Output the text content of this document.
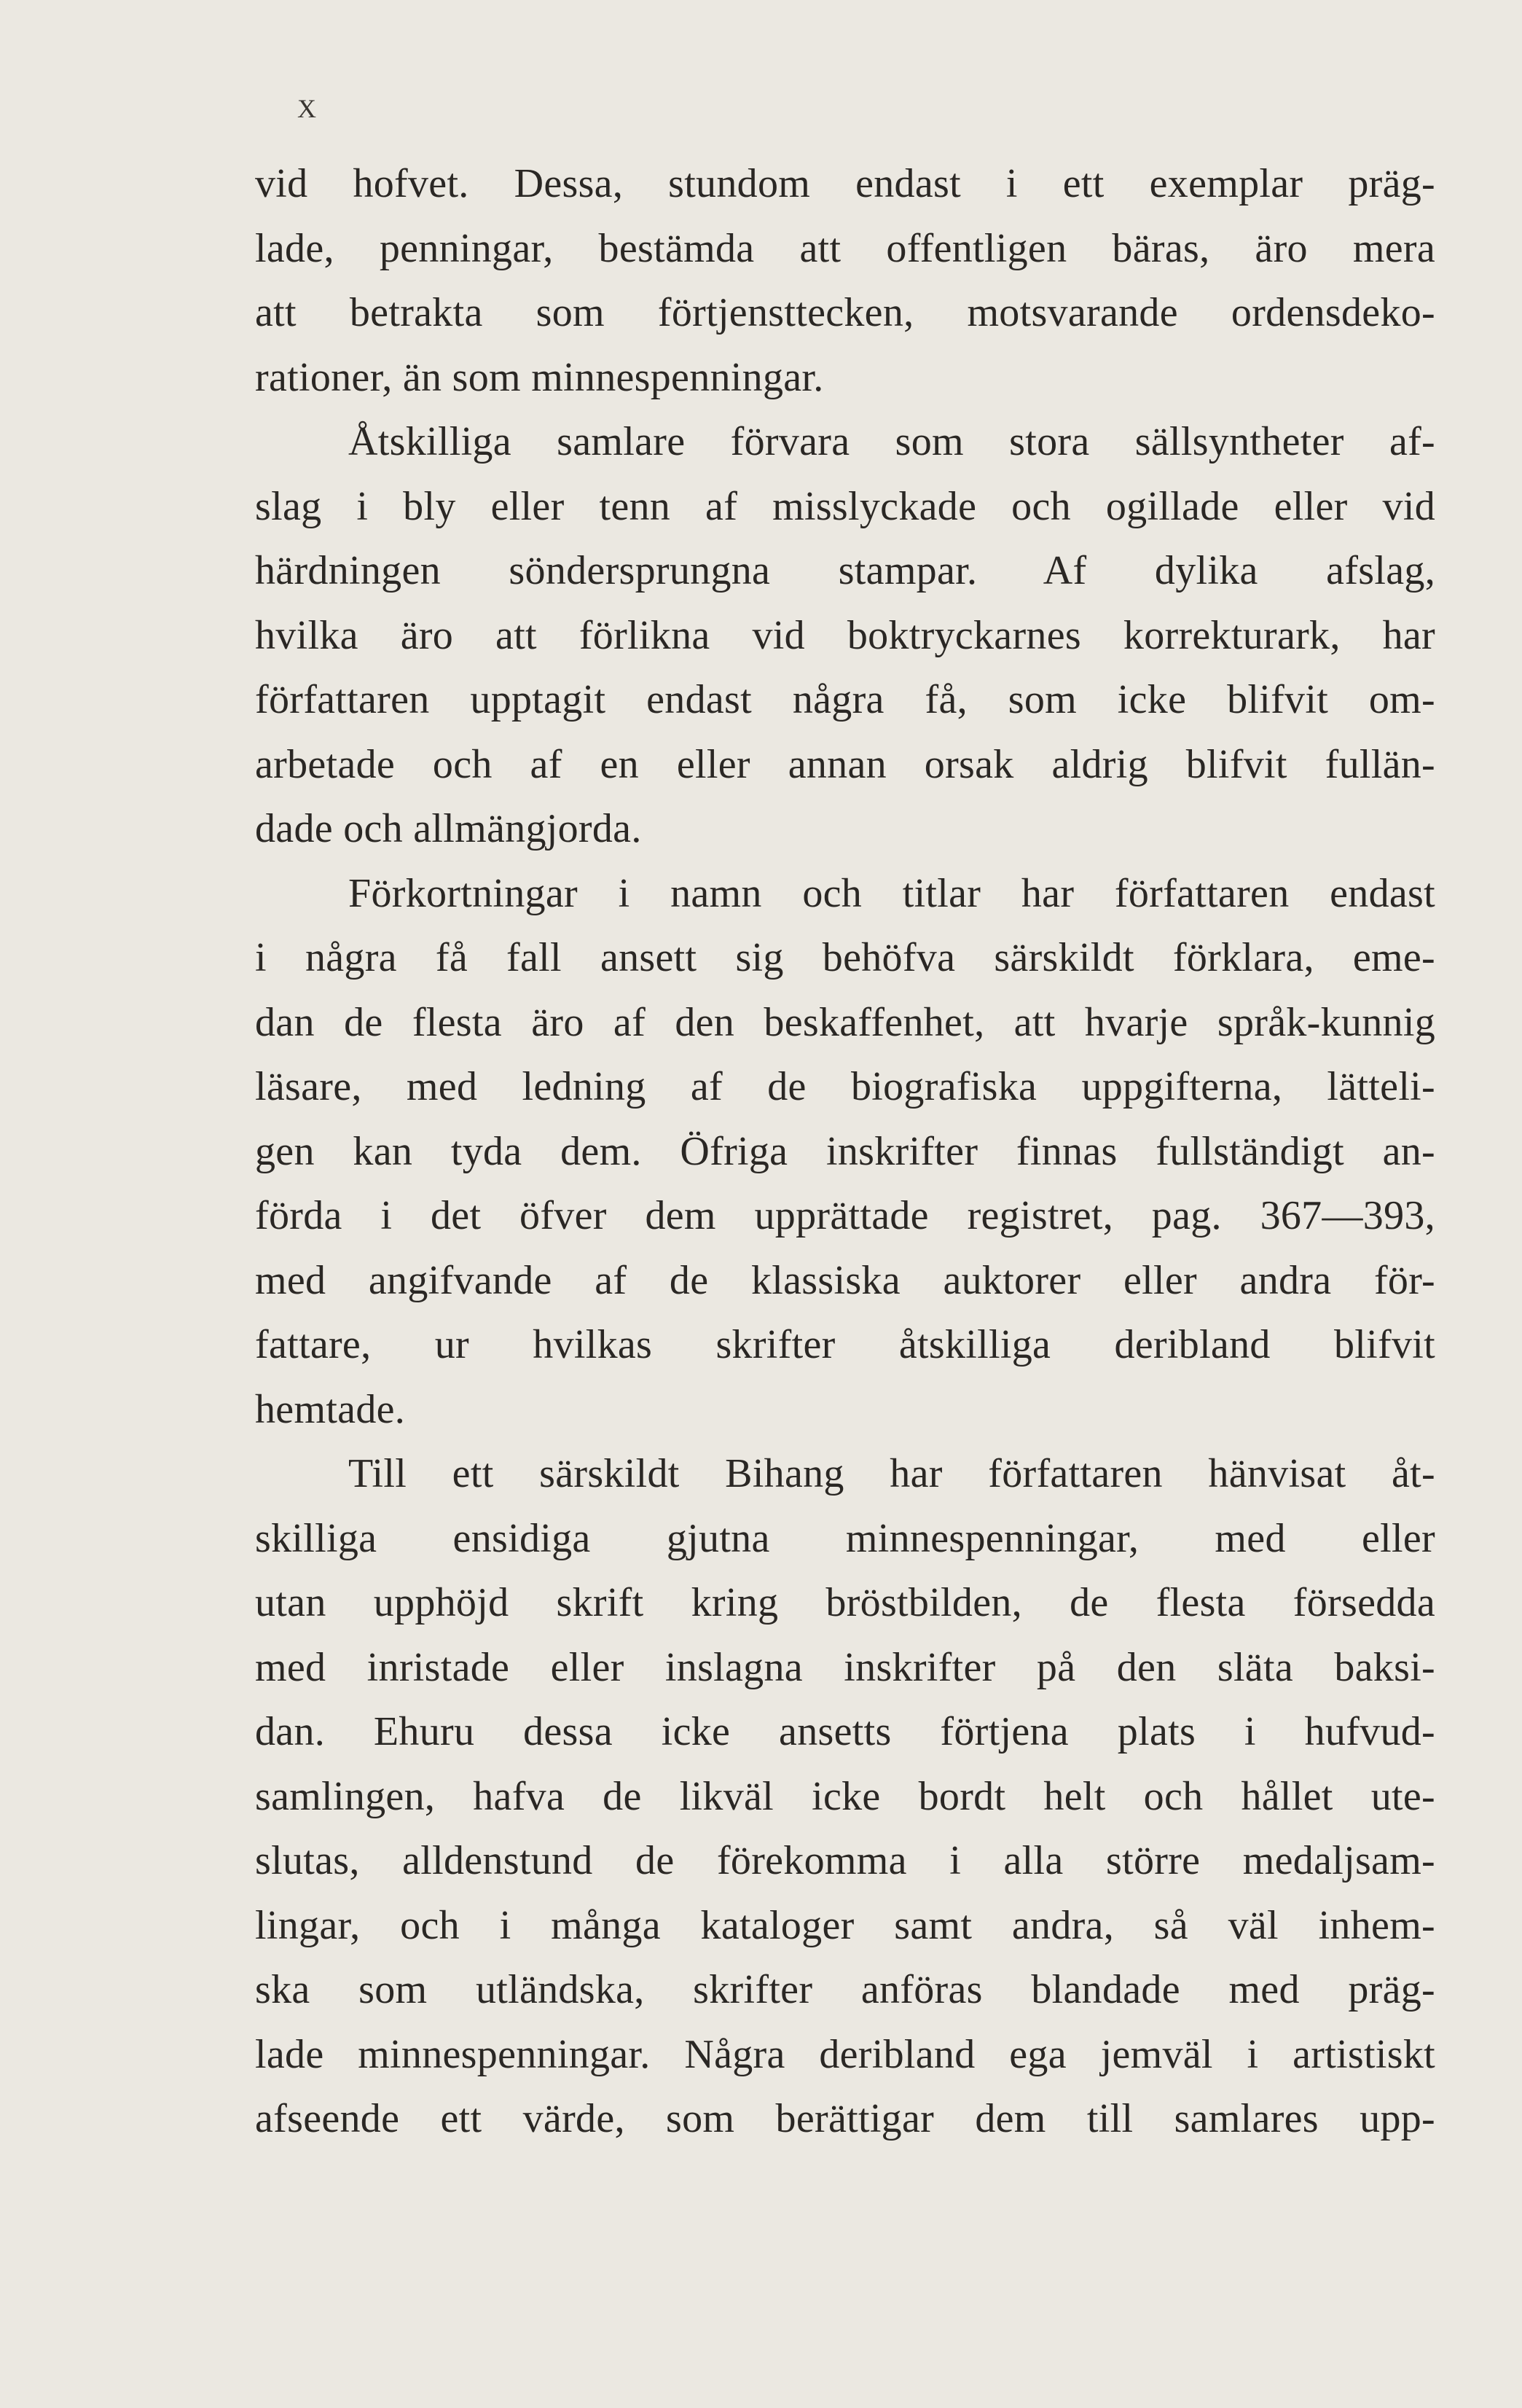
X
vid hofvet. Dessa, stundom endast i ett exemplar präg-
lade, penningar, bestämda att offentligen bäras, äro mera
att betrakta som förtjensttecken, motsvarande ordensdeko-
rationer, än som minnespenningar.
Åtskilliga samlare förvara som stora sällsyntheter af-
slag i bly eller tenn af misslyckade och ogillade eller vid
härdningen söndersprungna stampar. Af dylika afslag,
hvilka äro att förlikna vid boktryckarnes korrekturark, har
författaren upptagit endast några få, som icke blifvit om-
arbetade och af en eller annan orsak aldrig blifvit fullän-
dade och allmängjorda.
Förkortningar i namn och titlar har författaren endast
i några få fall ansett sig behöfva särskildt förklara, eme-
dan de flesta äro af den beskaffenhet, att hvarje språk-kunnig
läsare, med ledning af de biografiska uppgifterna, lätteli-
gen kan tyda dem. Öfriga inskrifter finnas fullständigt an-
förda i det öfver dem upprättade registret, pag. 367—393,
med angifvande af de klassiska auktorer eller andra för-
fattare, ur hvilkas skrifter åtskilliga deribland blifvit
hemtade.
Till ett särskildt Bihang har författaren hänvisat åt-
skilliga ensidiga gjutna minnespenningar, med eller
utan upphöjd skrift kring bröstbilden, de flesta försedda
med inristade eller inslagna inskrifter på den släta baksi-
dan. Ehuru dessa icke ansetts förtjena plats i hufvud-
samlingen, hafva de likväl icke bordt helt och hållet ute-
slutas, alldenstund de förekomma i alla större medaljsam-
lingar, och i många kataloger samt andra, så väl inhem-
ska som utländska, skrifter anföras blandade med präg-
lade minnespenningar. Några deribland ega jemväl i artistiskt
afseende ett värde, som berättigar dem till samlares upp-
